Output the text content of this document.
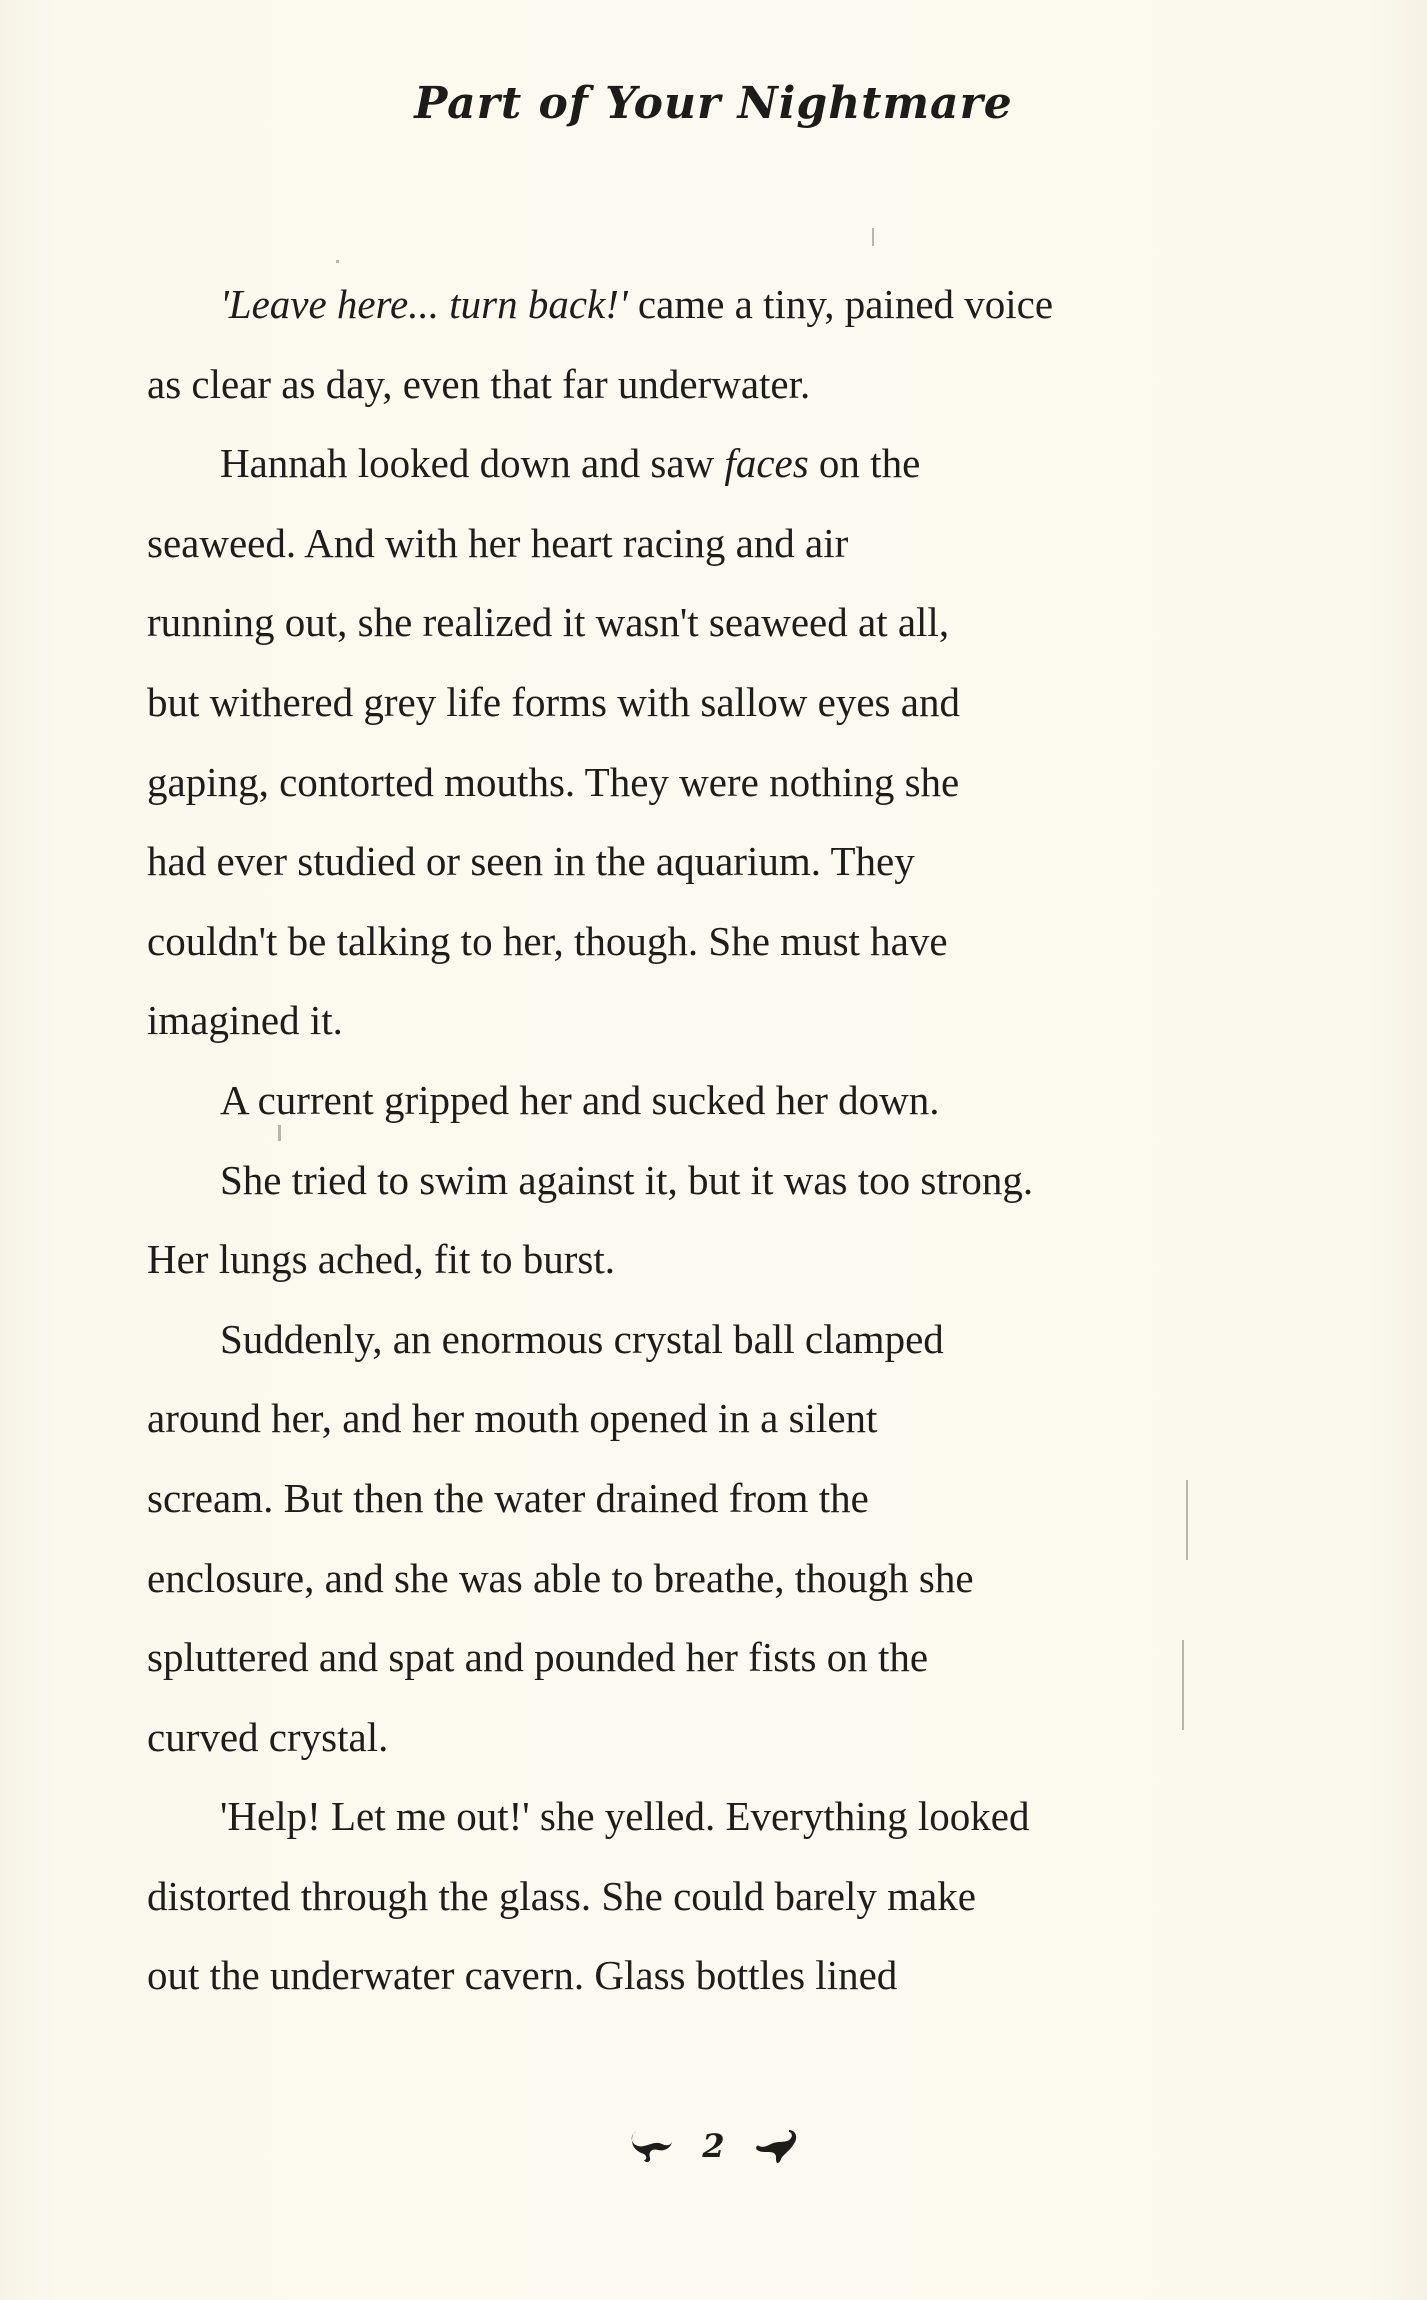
Part of Your Nightmare
'Leave here... turn back!' came a tiny, pained voice
as clear as day, even that far underwater.
Hannah looked down and saw faces on the
seaweed. And with her heart racing and air
running out, she realized it wasn't seaweed at all,
but withered grey life forms with sallow eyes and
gaping, contorted mouths. They were nothing she
had ever studied or seen in the aquarium. They
couldn't be talking to her, though. She must have
imagined it.
A current gripped her and sucked her down.
She tried to swim against it, but it was too strong.
Her lungs ached, fit to burst.
Suddenly, an enormous crystal ball clamped
around her, and her mouth opened in a silent
scream. But then the water drained from the
enclosure, and she was able to breathe, though she
spluttered and spat and pounded her fists on the
curved crystal.
'Help! Let me out!' she yelled. Everything looked
distorted through the glass. She could barely make
out the underwater cavern. Glass bottles lined
2
